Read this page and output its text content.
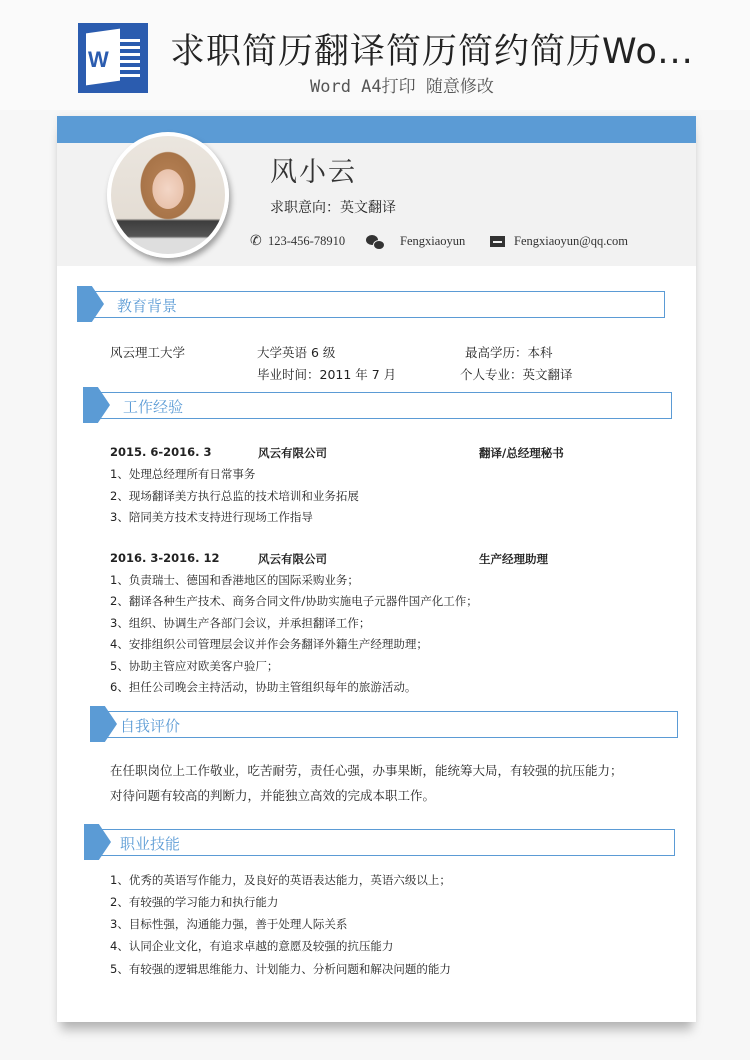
W 求职简历翻译简历简约简历Wo...
Word A4打印 随意修改
风小云
求职意向：英文翻译
✆ 123-456-78910	Fengxiaoyun	Fengxiaoyun@qq.com
教育背景
风云理工大学	大学英语 6 级	最高学历：本科
毕业时间：2011 年 7 月	个人专业：英文翻译
工作经验
2015. 6-2016. 3	风云有限公司	翻译/总经理秘书
1、处理总经理所有日常事务
2、现场翻译美方执行总监的技术培训和业务拓展
3、陪同美方技术支持进行现场工作指导
2016. 3-2016. 12	风云有限公司	生产经理助理
1、负责瑞士、德国和香港地区的国际采购业务；
2、翻译各种生产技术、商务合同文件/协助实施电子元器件国产化工作；
3、组织、协调生产各部门会议，并承担翻译工作；
4、安排组织公司管理层会议并作会务翻译外籍生产经理助理；
5、协助主管应对欧美客户验厂；
6、担任公司晚会主持活动，协助主管组织每年的旅游活动。
自我评价
在任职岗位上工作敬业，吃苦耐劳，责任心强，办事果断，能统筹大局，有较强的抗压能力；
对待问题有较高的判断力，并能独立高效的完成本职工作。
职业技能
1、优秀的英语写作能力，及良好的英语表达能力，英语六级以上；
2、有较强的学习能力和执行能力
3、目标性强，沟通能力强，善于处理人际关系
4、认同企业文化，有追求卓越的意愿及较强的抗压能力
5、有较强的逻辑思维能力、计划能力、分析问题和解决问题的能力
